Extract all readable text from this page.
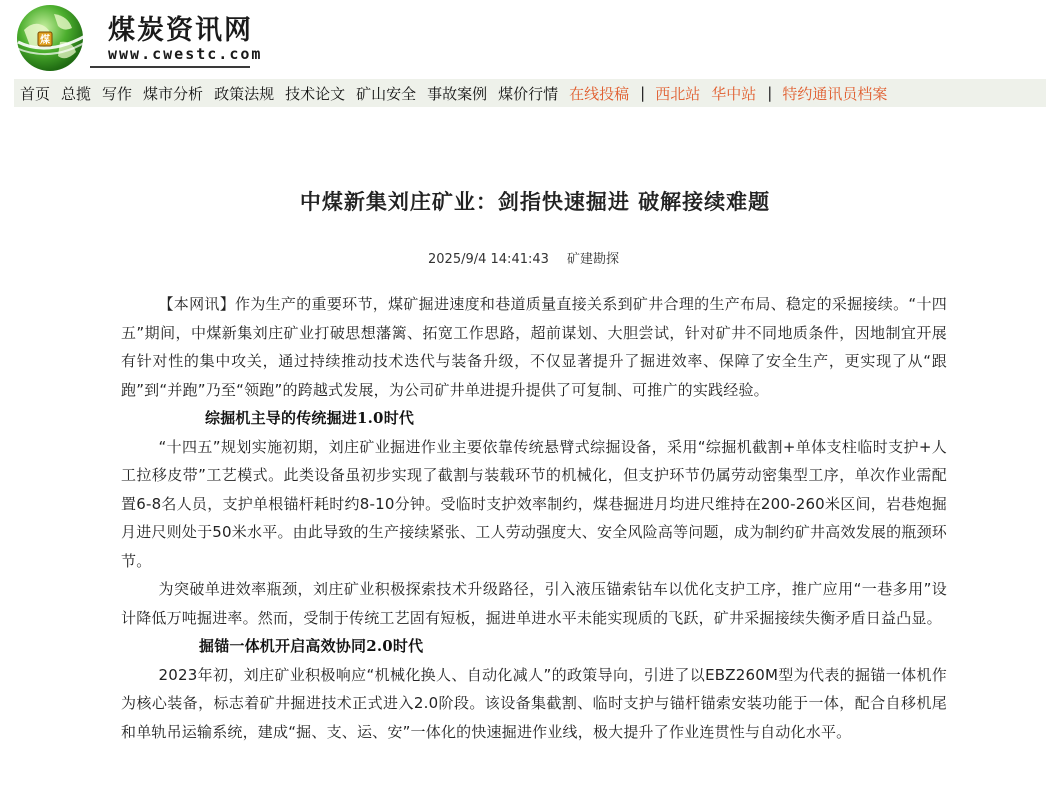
煤 煤炭资讯网
www.cwestc.com
首页 总揽 写作 煤市分析 政策法规 技术论文 矿山安全 事故案例 煤价行情 在线投稿 | 西北站 华中站 | 特约通讯员档案
中煤新集刘庄矿业：剑指快速掘进 破解接续难题
2025/9/4 14:41:43 矿建勘探

【本网讯】作为生产的重要环节，煤矿掘进速度和巷道质量直接关系到矿井合理的生产布局、稳定的采掘接续。“十四五”期间，中煤新集刘庄矿业打破思想藩篱、拓宽工作思路，超前谋划、大胆尝试，针对矿井不同地质条件，因地制宜开展有针对性的集中攻关，通过持续推动技术迭代与装备升级，不仅显著提升了掘进效率、保障了安全生产，更实现了从“跟跑”到“并跑”乃至“领跑”的跨越式发展，为公司矿井单进提升提供了可复制、可推广的实践经验。

综掘机主导的传统掘进1.0时代

“十四五”规划实施初期，刘庄矿业掘进作业主要依靠传统悬臂式综掘设备，采用“综掘机截割+单体支柱临时支护+人工拉移皮带”工艺模式。此类设备虽初步实现了截割与装载环节的机械化，但支护环节仍属劳动密集型工序，单次作业需配置6-8名人员，支护单根锚杆耗时约8-10分钟。受临时支护效率制约，煤巷掘进月均进尺维持在200-260米区间，岩巷炮掘月进尺则处于50米水平。由此导致的生产接续紧张、工人劳动强度大、安全风险高等问题，成为制约矿井高效发展的瓶颈环节。

为突破单进效率瓶颈，刘庄矿业积极探索技术升级路径，引入液压锚索钻车以优化支护工序，推广应用“一巷多用”设计降低万吨掘进率。然而，受制于传统工艺固有短板，掘进单进水平未能实现质的飞跃，矿井采掘接续失衡矛盾日益凸显。

掘锚一体机开启高效协同2.0时代

2023年初，刘庄矿业积极响应“机械化换人、自动化减人”的政策导向，引进了以EBZ260M型为代表的掘锚一体机作为核心装备，标志着矿井掘进技术正式进入2.0阶段。该设备集截割、临时支护与锚杆锚索安装功能于一体，配合自移机尾和单轨吊运输系统，建成“掘、支、运、安”一体化的快速掘进作业线，极大提升了作业连贯性与自动化水平。
